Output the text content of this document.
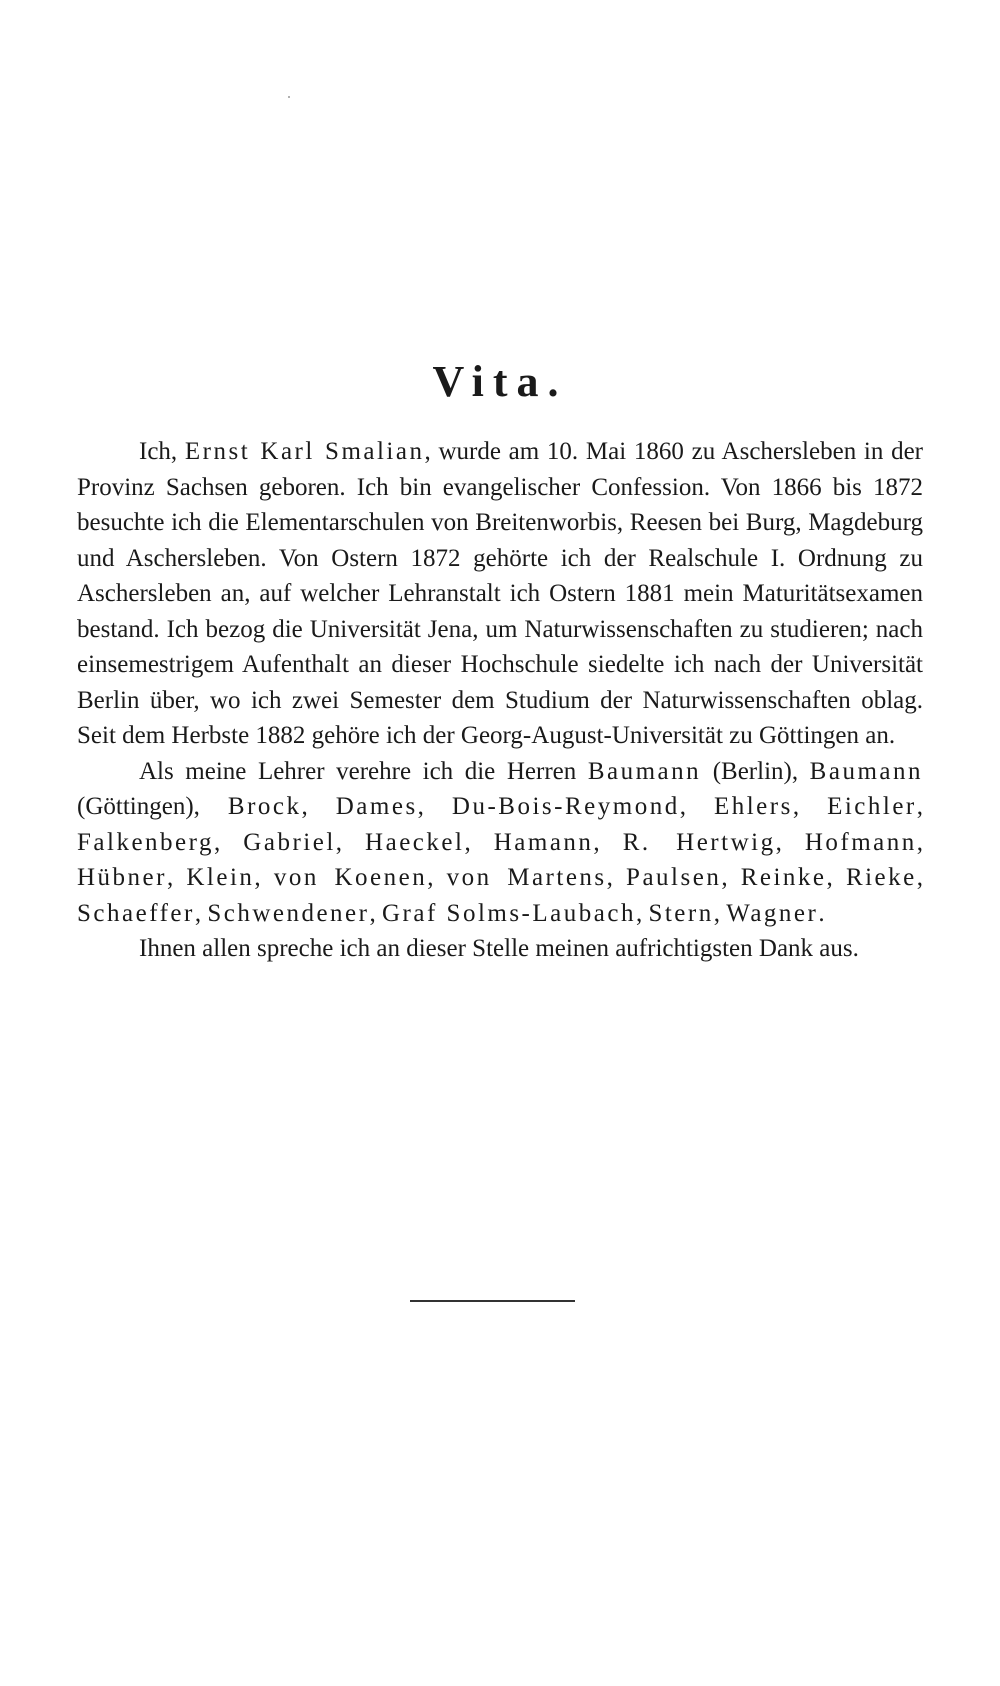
Vita.

Ich, Ernst Karl Smalian, wurde am 10. Mai 1860 zu Aschersleben in der Provinz Sachsen geboren. Ich bin evangelischer Confession. Von 1866 bis 1872 besuchte ich die Elementarschulen von Breitenworbis, Reesen bei Burg, Magdeburg und Aschersleben. Von Ostern 1872 gehörte ich der Realschule I. Ordnung zu Aschersleben an, auf welcher Lehranstalt ich Ostern 1881 mein Maturitätsexamen bestand. Ich bezog die Universität Jena, um Naturwissenschaften zu studieren; nach einsemestrigem Aufenthalt an dieser Hochschule siedelte ich nach der Universität Berlin über, wo ich zwei Semester dem Studium der Naturwissenschaften oblag. Seit dem Herbste 1882 gehöre ich der Georg-August-Universität zu Göttingen an.

Als meine Lehrer verehre ich die Herren Baumann (Berlin), Baumann (Göttingen), Brock, Dames, Du-Bois-Reymond, Ehlers, Eichler, Falkenberg, Gabriel, Haeckel, Hamann, R. Hertwig, Hofmann, Hübner, Klein, von Koenen, von Martens, Paulsen, Reinke, Rieke, Schaeffer, Schwendener, Graf Solms-Laubach, Stern, Wagner.

Ihnen allen spreche ich an dieser Stelle meinen aufrichtigsten Dank aus.
